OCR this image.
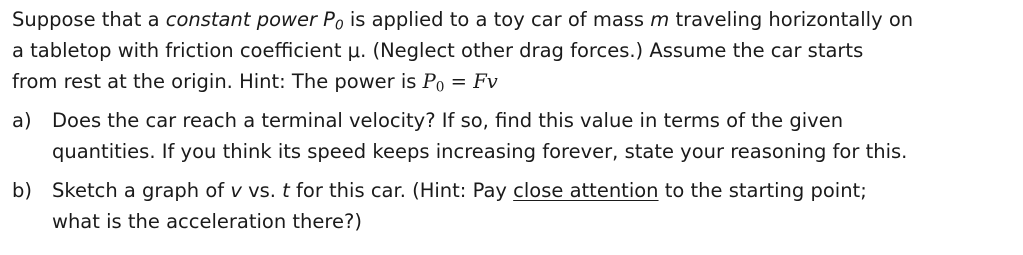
Suppose that a constant power $P_0$ is applied to a toy car of mass m traveling horizontally on
a tabletop with friction coefficient μ. (Neglect other drag forces.) Assume the car starts
from rest at the origin. Hint: The power is $P_0 = Fv$

a)	Does the car reach a terminal velocity? If so, find this value in terms of the given
quantities. If you think its speed keeps increasing forever, state your reasoning for this.
b)	Sketch a graph of v vs. t for this car. (Hint: Pay close attention to the starting point;
what is the acceleration there?)
